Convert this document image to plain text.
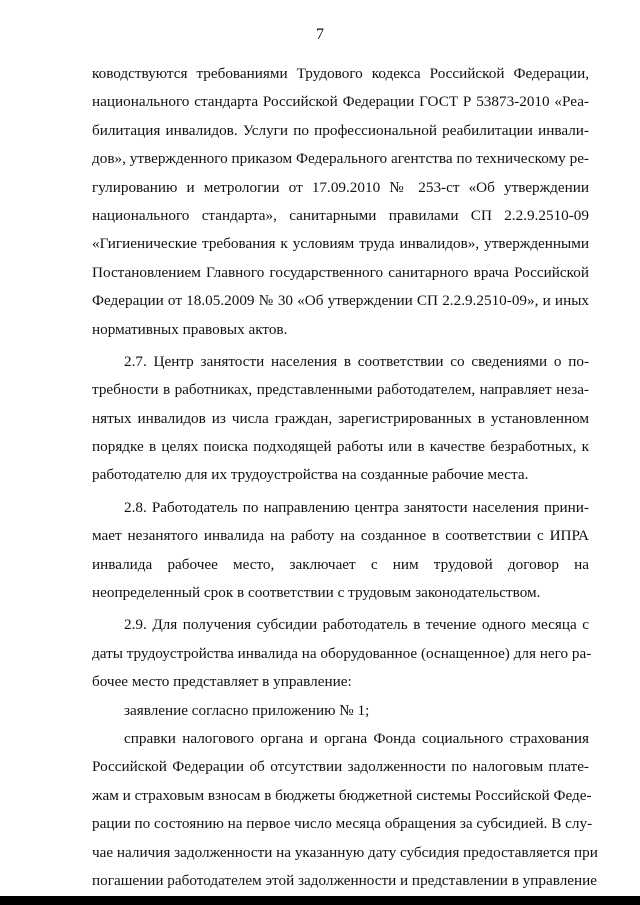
7
ководствуются требованиями Трудового кодекса Российской Федерации,
национального стандарта Российской Федерации ГОСТ Р 53873-2010 «Реа-
билитация инвалидов. Услуги по профессиональной реабилитации инвали-
дов», утвержденного приказом Федерального агентства по техническому ре-
гулированию и метрологии от 17.09.2010 № 253-ст «Об утверждении
национального стандарта», санитарными правилами СП 2.2.9.2510-09
«Гигиенические требования к условиям труда инвалидов», утвержденными
Постановлением Главного государственного санитарного врача Российской
Федерации от 18.05.2009 № 30 «Об утверждении СП 2.2.9.2510-09», и иных
нормативных правовых актов.
2.7. Центр занятости населения в соответствии со сведениями о по-
требности в работниках, представленными работодателем, направляет неза-
нятых инвалидов из числа граждан, зарегистрированных в установленном
порядке в целях поиска подходящей работы или в качестве безработных, к
работодателю для их трудоустройства на созданные рабочие места.
2.8. Работодатель по направлению центра занятости населения прини-
мает незанятого инвалида на работу на созданное в соответствии с ИПРА
инвалида рабочее место, заключает с ним трудовой договор на
неопределенный срок в соответствии с трудовым законодательством.
2.9. Для получения субсидии работодатель в течение одного месяца с
даты трудоустройства инвалида на оборудованное (оснащенное) для него ра-
бочее место представляет в управление:
заявление согласно приложению № 1;
справки налогового органа и органа Фонда социального страхования
Российской Федерации об отсутствии задолженности по налоговым плате-
жам и страховым взносам в бюджеты бюджетной системы Российской Феде-
рации по состоянию на первое число месяца обращения за субсидией. В слу-
чае наличия задолженности на указанную дату субсидия предоставляется при
погашении работодателем этой задолженности и представлении в управление
